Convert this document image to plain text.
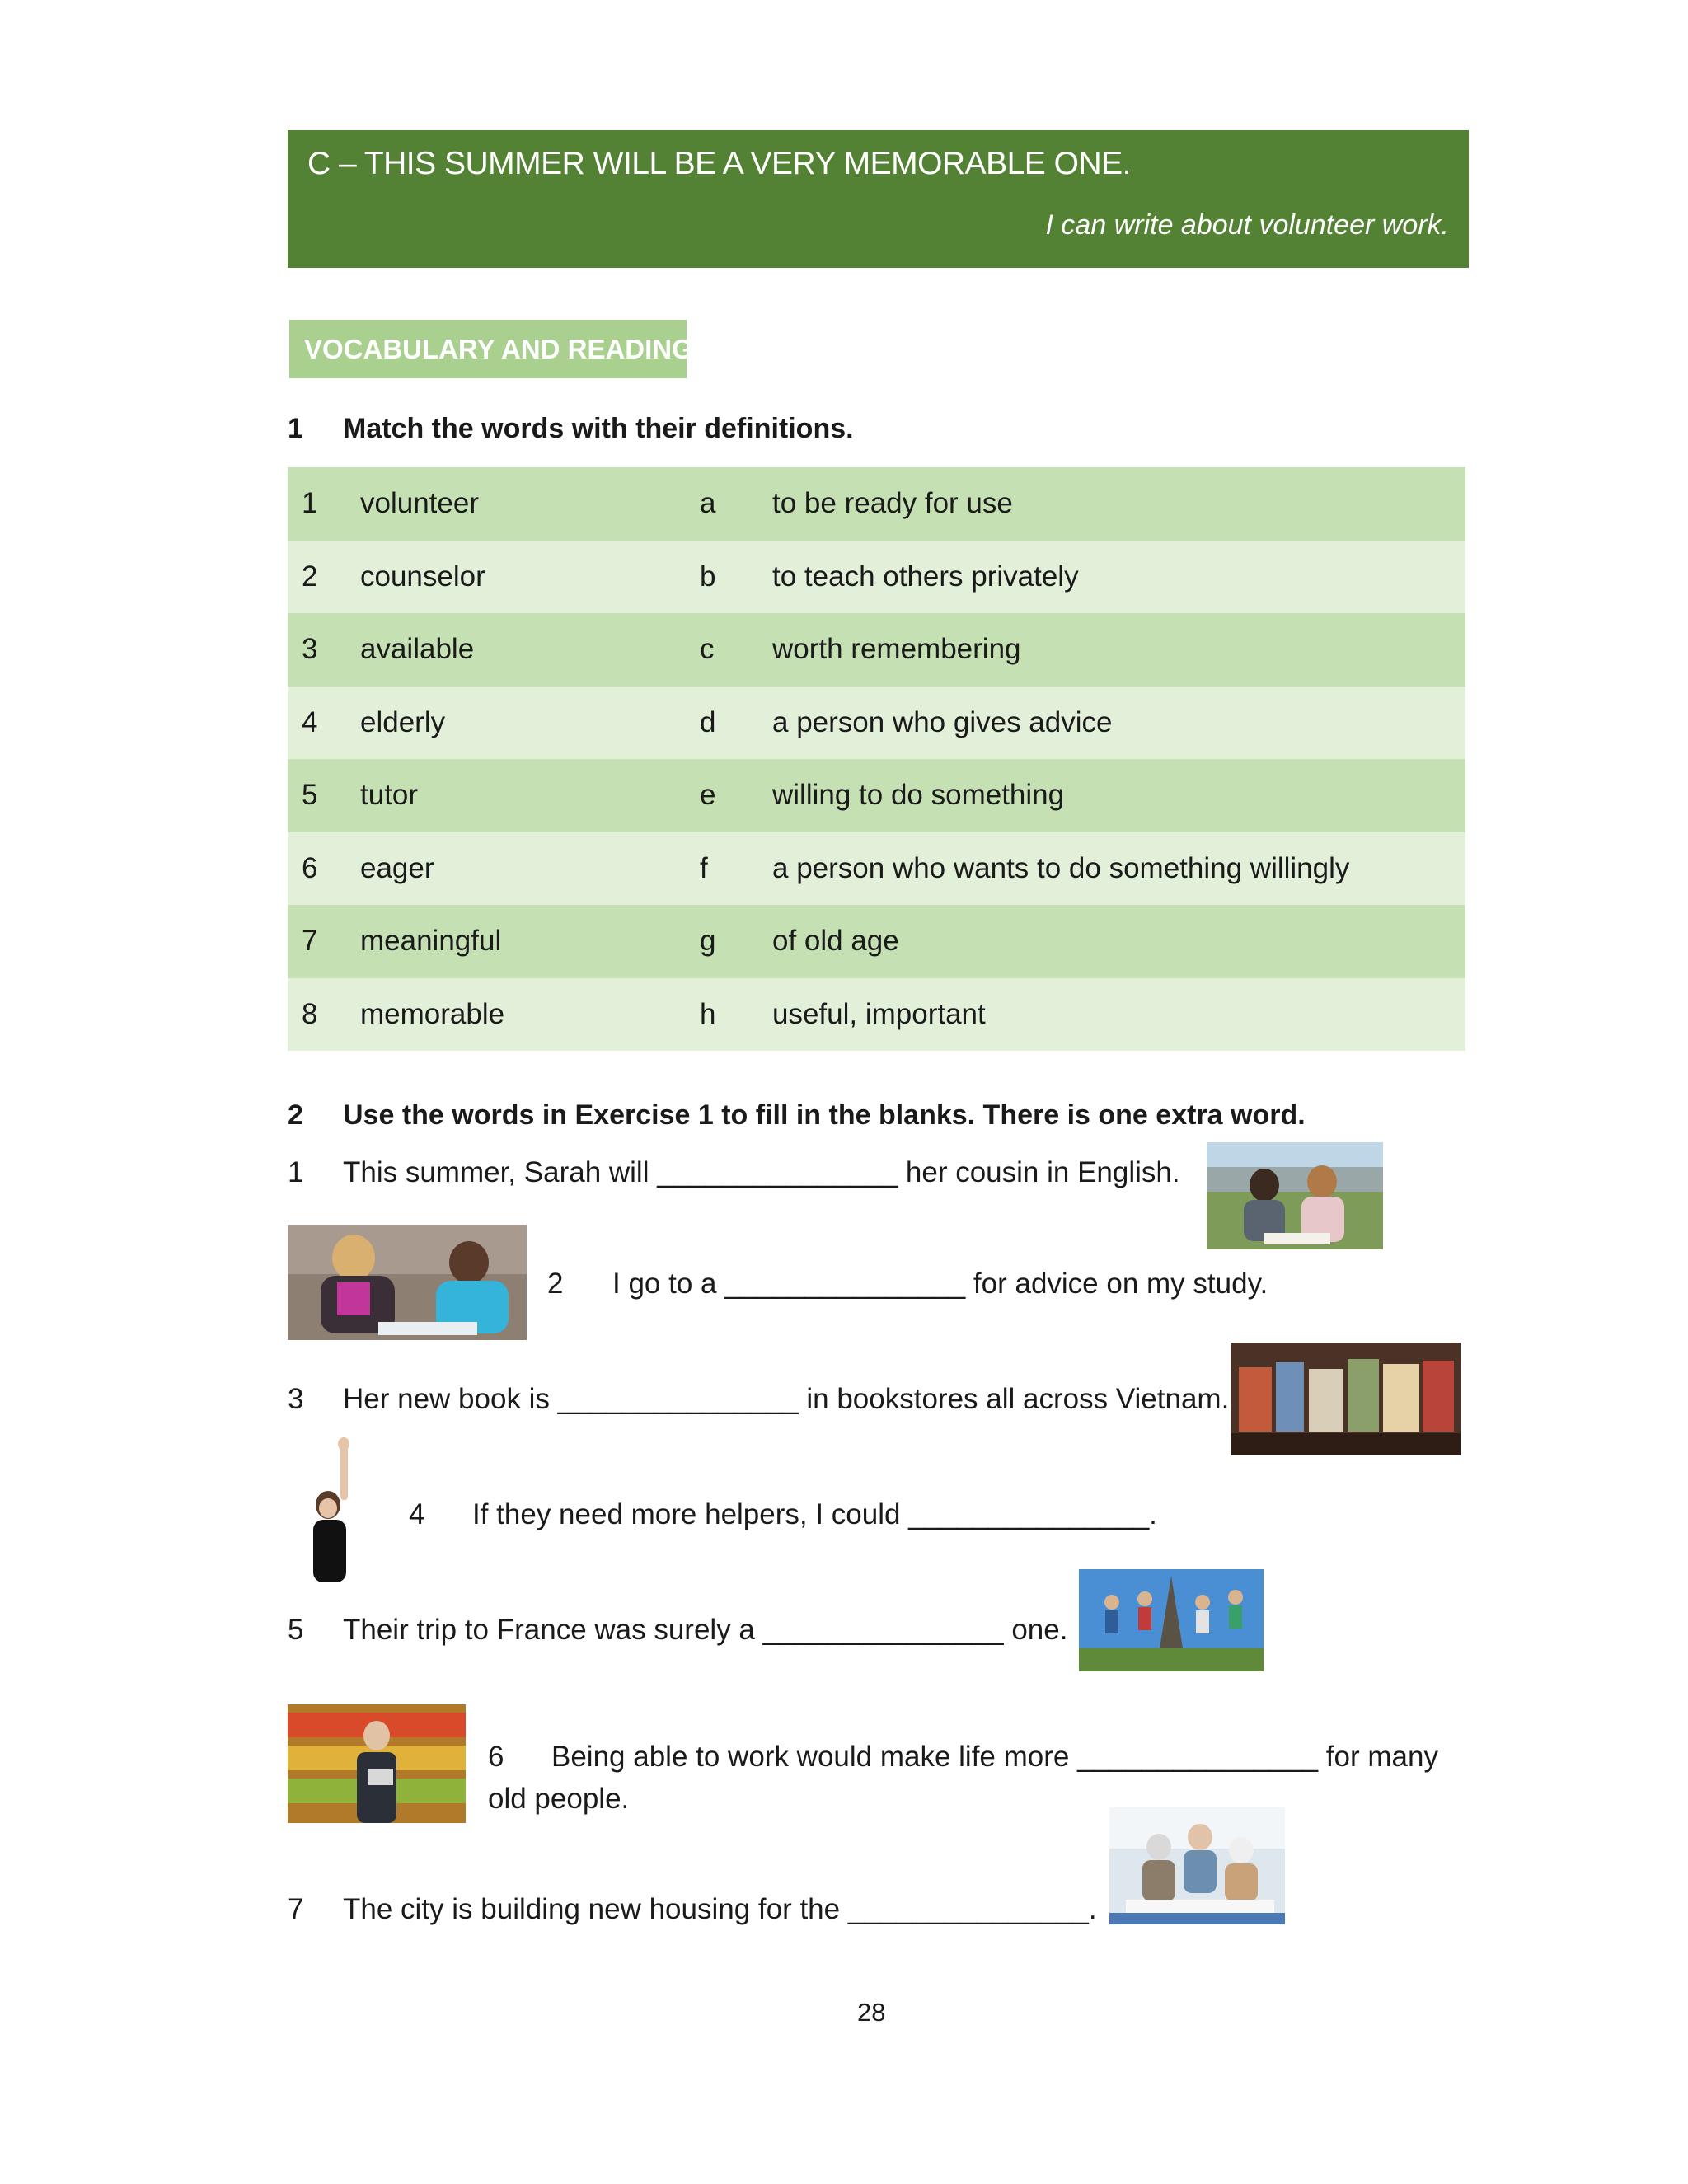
C – THIS SUMMER WILL BE A VERY MEMORABLE ONE.
I can write about volunteer work.
VOCABULARY AND READING
1 Match the words with their definitions.
1 volunteer	a to be ready for use
2 counselor	b to teach others privately
3 available	c worth remembering
4 elderly	d a person who gives advice
5 tutor	e willing to do something
6 eager	f a person who wants to do something willingly
7 meaningful	g of old age
8 memorable	h useful, important
2 Use the words in Exercise 1 to fill in the blanks. There is one extra word.
1 This summer, Sarah will _______________ her cousin in English.
2 I go to a _______________ for advice on my study.
3 Her new book is _______________ in bookstores all across Vietnam.
4 If they need more helpers, I could _______________.
5 Their trip to France was surely a _______________ one.
6 Being able to work would make life more _______________ for many
old people.
7 The city is building new housing for the _______________.
28
